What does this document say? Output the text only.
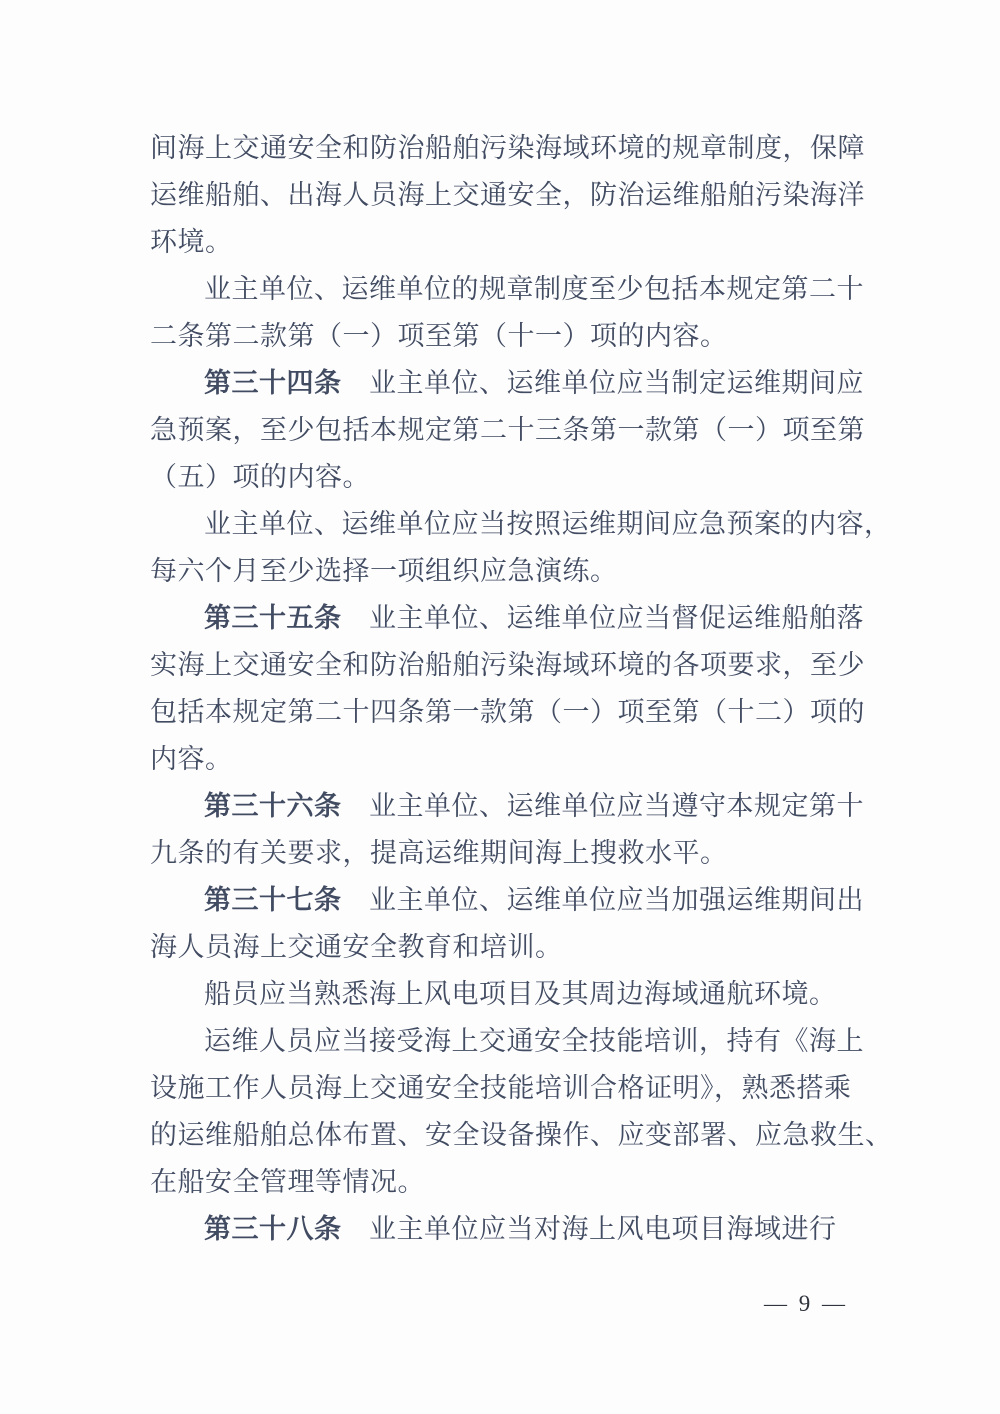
间海上交通安全和防治船舶污染海域环境的规章制度，保障
运维船舶、出海人员海上交通安全，防治运维船舶污染海洋
环境。
业主单位、运维单位的规章制度至少包括本规定第二十
二条第二款第（一）项至第（十一）项的内容。
第三十四条　业主单位、运维单位应当制定运维期间应
急预案，至少包括本规定第二十三条第一款第（一）项至第
（五）项的内容。
业主单位、运维单位应当按照运维期间应急预案的内容，
每六个月至少选择一项组织应急演练。
第三十五条　业主单位、运维单位应当督促运维船舶落
实海上交通安全和防治船舶污染海域环境的各项要求，至少
包括本规定第二十四条第一款第（一）项至第（十二）项的
内容。
第三十六条　业主单位、运维单位应当遵守本规定第十
九条的有关要求，提高运维期间海上搜救水平。
第三十七条　业主单位、运维单位应当加强运维期间出
海人员海上交通安全教育和培训。
船员应当熟悉海上风电项目及其周边海域通航环境。
运维人员应当接受海上交通安全技能培训，持有《海上
设施工作人员海上交通安全技能培训合格证明》，熟悉搭乘
的运维船舶总体布置、安全设备操作、应变部署、应急救生、
在船安全管理等情况。
第三十八条　业主单位应当对海上风电项目海域进行
— 9 —
